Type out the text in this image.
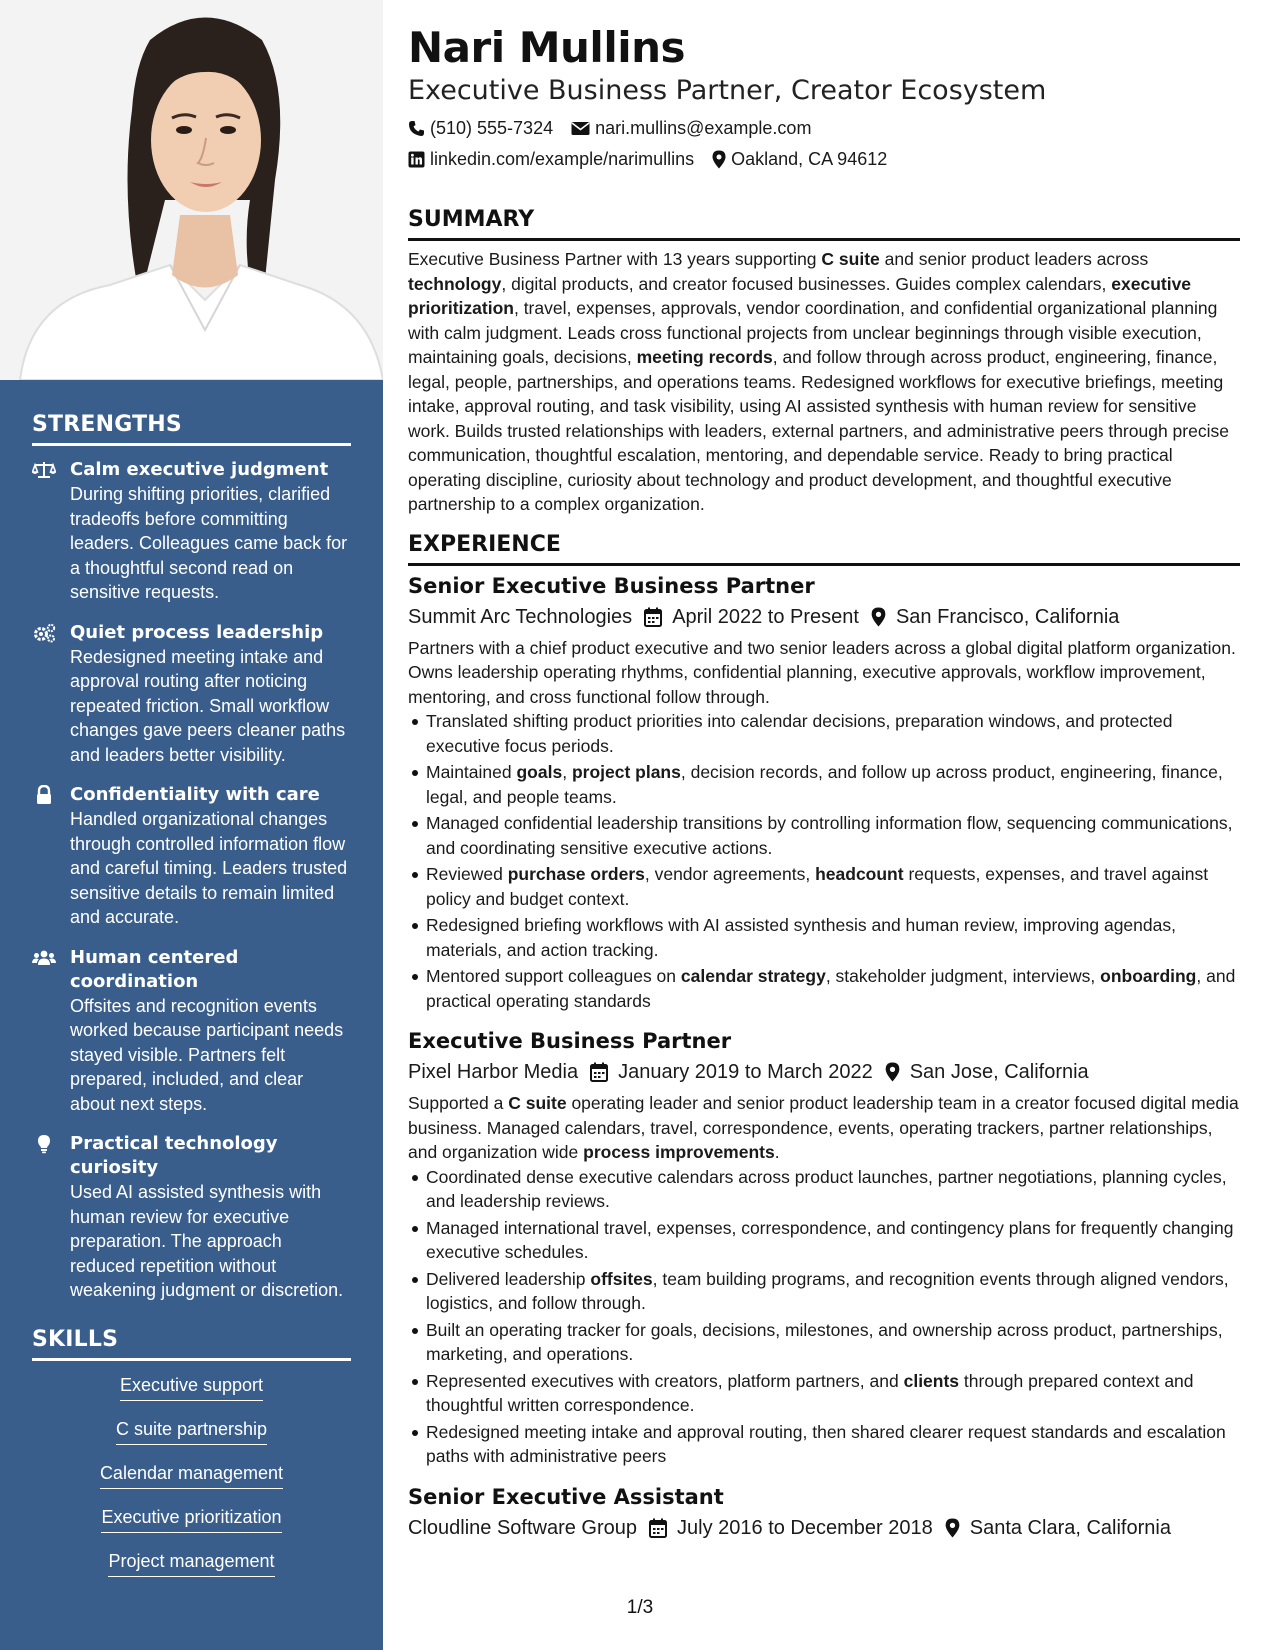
STRENGTHS
Calm executive judgment
During shifting priorities, clarified tradeoffs before committing leaders. Colleagues came back for a thoughtful second read on sensitive requests.
Quiet process leadership
Redesigned meeting intake and approval routing after noticing repeated friction. Small workflow changes gave peers cleaner paths and leaders better visibility.
Confidentiality with care
Handled organizational changes through controlled information flow and careful timing. Leaders trusted sensitive details to remain limited and accurate.
Human centered coordination
Offsites and recognition events worked because participant needs stayed visible. Partners felt prepared, included, and clear about next steps.
Practical technology curiosity
Used AI assisted synthesis with human review for executive preparation. The approach reduced repetition without weakening judgment or discretion.
SKILLS
Executive support
C suite partnership
Calendar management
Executive prioritization
Project management
Nari Mullins
Executive Business Partner, Creator Ecosystem
(510) 555-7324 nari.mullins@example.com
linkedin.com/example/narimullins Oakland, CA 94612
SUMMARY
Executive Business Partner with 13 years supporting C suite and senior product leaders across technology, digital products, and creator focused businesses. Guides complex calendars, executive prioritization, travel, expenses, approvals, vendor coordination, and confidential organizational planning with calm judgment. Leads cross functional projects from unclear beginnings through visible execution, maintaining goals, decisions, meeting records, and follow through across product, engineering, finance, legal, people, partnerships, and operations teams. Redesigned workflows for executive briefings, meeting intake, approval routing, and task visibility, using AI assisted synthesis with human review for sensitive work. Builds trusted relationships with leaders, external partners, and administrative peers through precise communication, thoughtful escalation, mentoring, and dependable service. Ready to bring practical operating discipline, curiosity about technology and product development, and thoughtful executive partnership to a complex organization.
EXPERIENCE
Senior Executive Business Partner
Summit Arc Technologies April 2022 to Present San Francisco, California
Partners with a chief product executive and two senior leaders across a global digital platform organization. Owns leadership operating rhythms, confidential planning, executive approvals, workflow improvement, mentoring, and cross functional follow through.
Translated shifting product priorities into calendar decisions, preparation windows, and protected executive focus periods.
Maintained goals, project plans, decision records, and follow up across product, engineering, finance, legal, and people teams.
Managed confidential leadership transitions by controlling information flow, sequencing communications, and coordinating sensitive executive actions.
Reviewed purchase orders, vendor agreements, headcount requests, expenses, and travel against policy and budget context.
Redesigned briefing workflows with AI assisted synthesis and human review, improving agendas, materials, and action tracking.
Mentored support colleagues on calendar strategy, stakeholder judgment, interviews, onboarding, and practical operating standards
Executive Business Partner
Pixel Harbor Media January 2019 to March 2022 San Jose, California
Supported a C suite operating leader and senior product leadership team in a creator focused digital media business. Managed calendars, travel, correspondence, events, operating trackers, partner relationships, and organization wide process improvements.
Coordinated dense executive calendars across product launches, partner negotiations, planning cycles, and leadership reviews.
Managed international travel, expenses, correspondence, and contingency plans for frequently changing executive schedules.
Delivered leadership offsites, team building programs, and recognition events through aligned vendors, logistics, and follow through.
Built an operating tracker for goals, decisions, milestones, and ownership across product, partnerships, marketing, and operations.
Represented executives with creators, platform partners, and clients through prepared context and thoughtful written correspondence.
Redesigned meeting intake and approval routing, then shared clearer request standards and escalation paths with administrative peers
Senior Executive Assistant
Cloudline Software Group July 2016 to December 2018 Santa Clara, California
1/3
